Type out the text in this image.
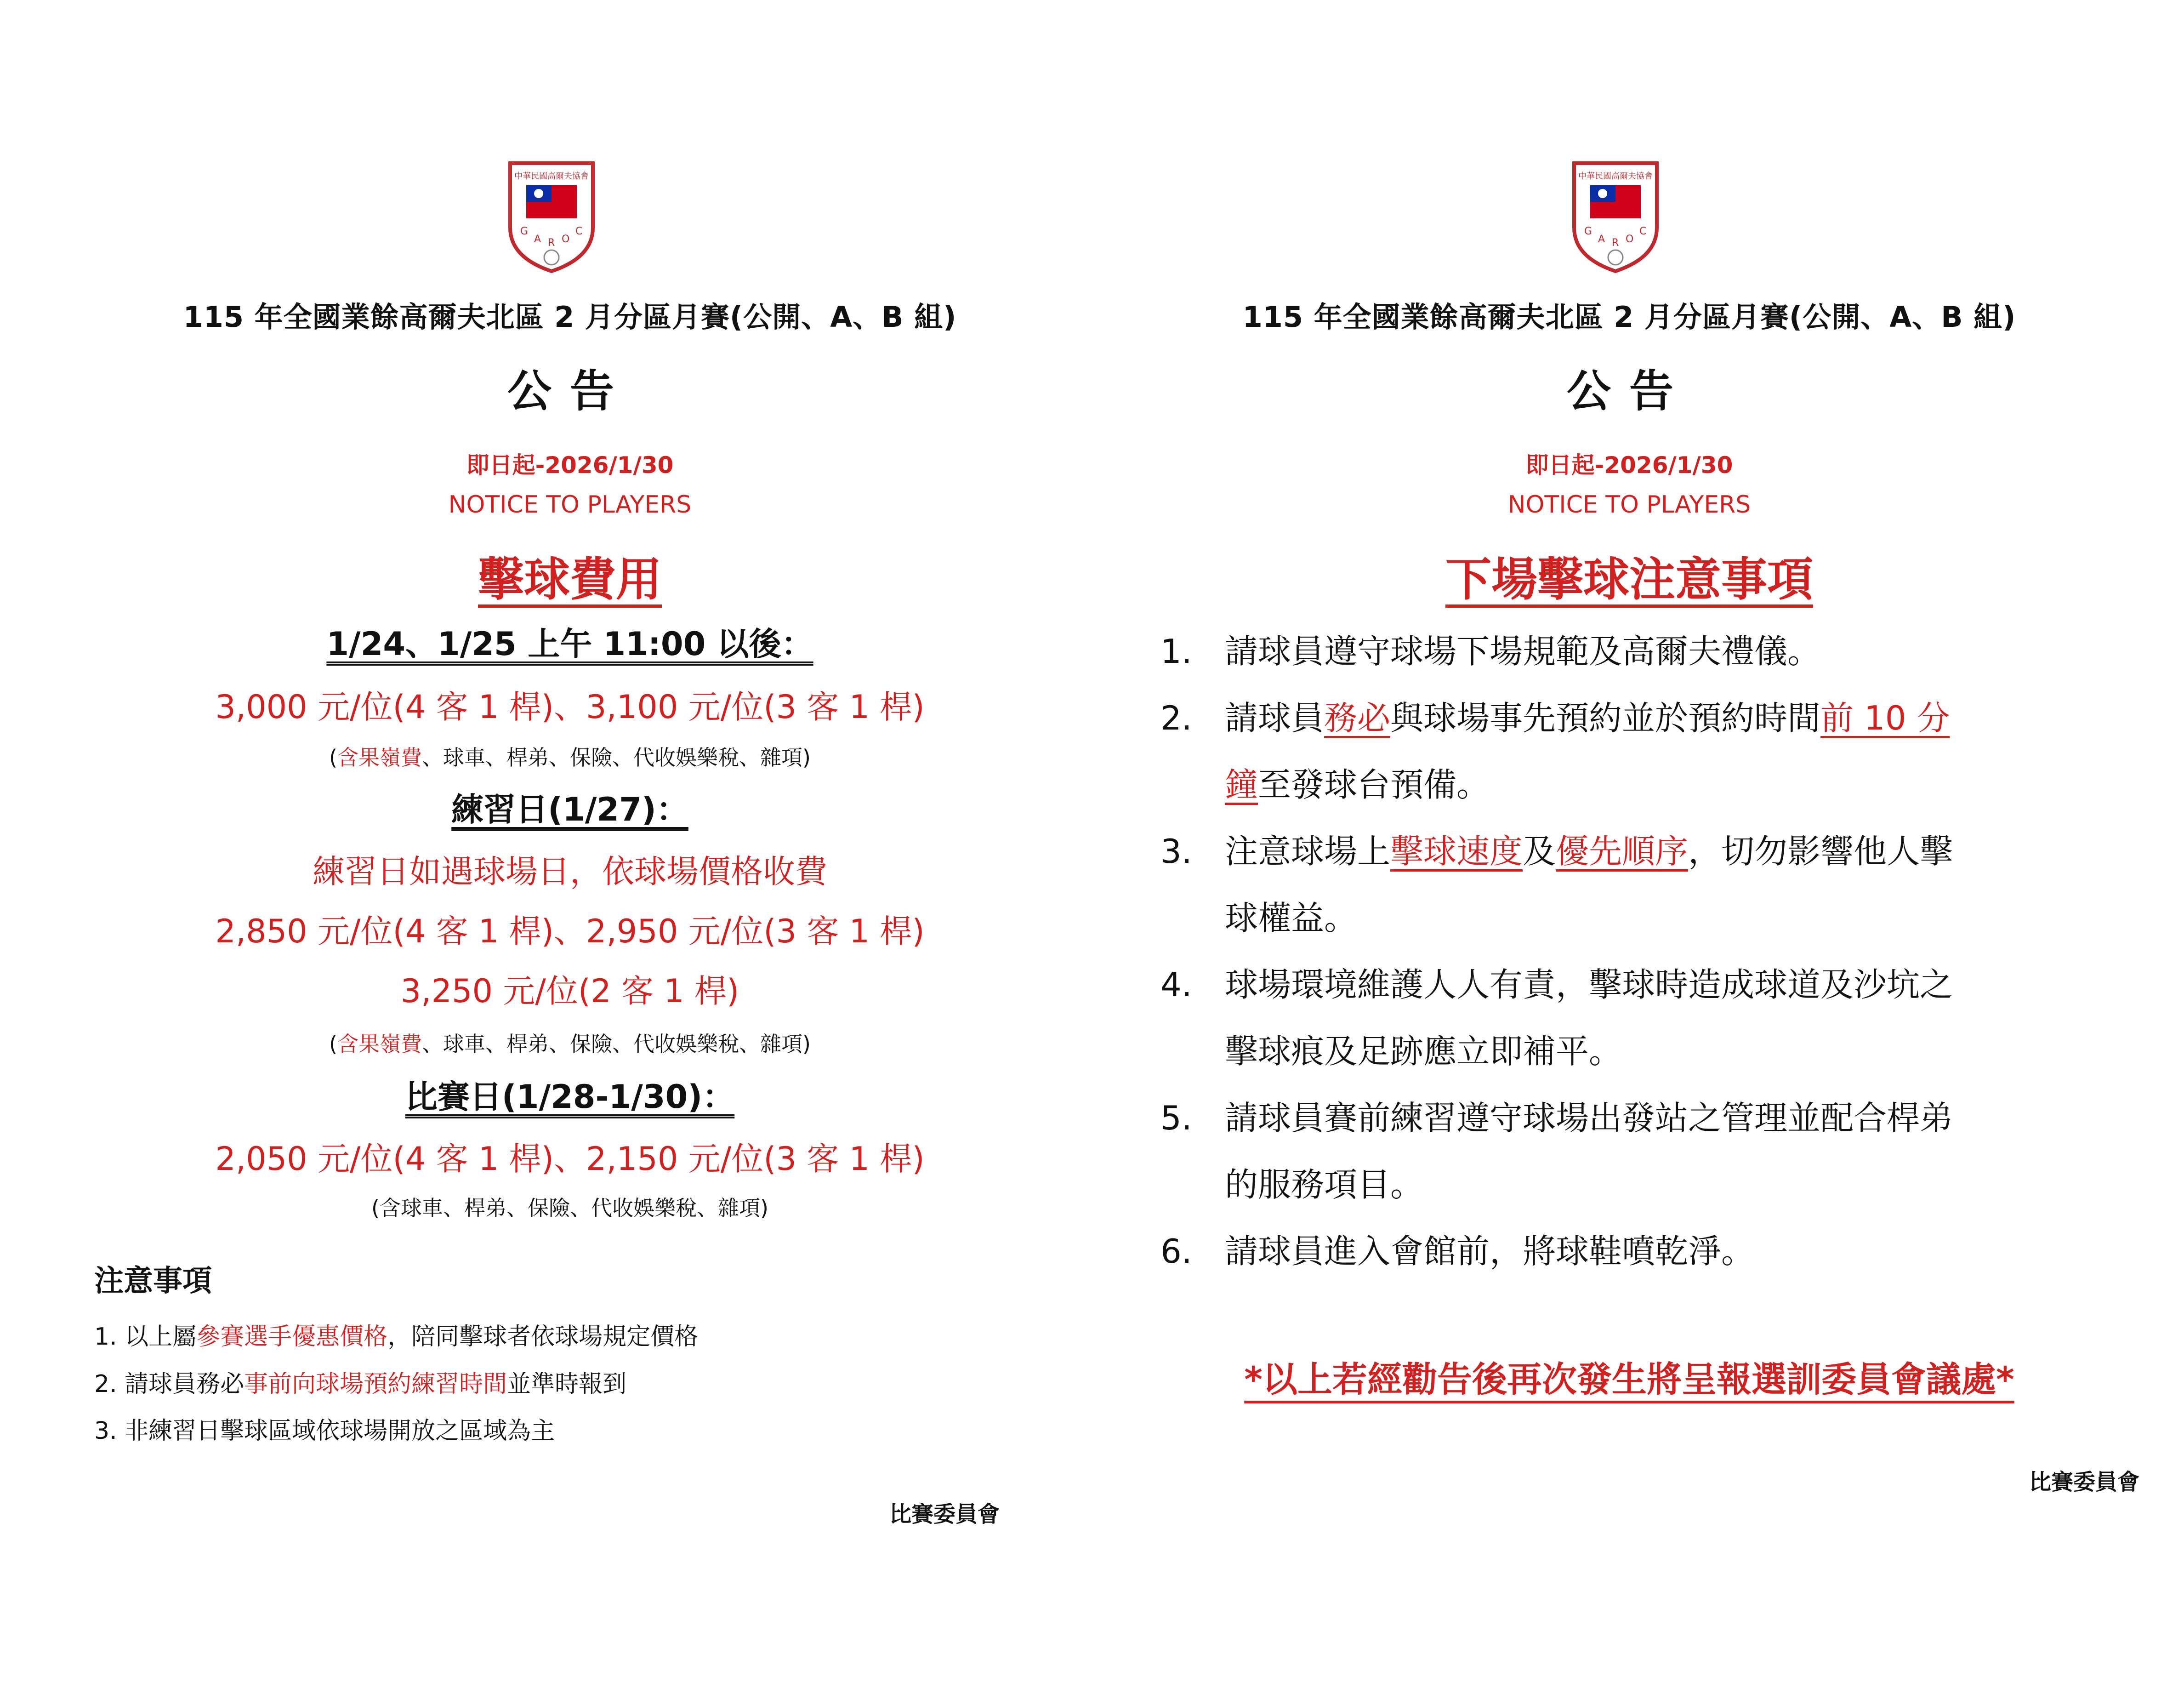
中華民國高爾夫協會
G
A R O
C
115 年全國業餘高爾夫北區 2 月分區月賽(公開、A、B 組)
公告
即日起-2026/1/30
NOTICE TO PLAYERS
擊球費用
1/24、1/25 上午 11:00 以後：
3,000 元/位(4 客 1 桿)、3,100 元/位(3 客 1 桿)
(含果嶺費、球車、桿弟、保險、代收娛樂稅、雜項)
練習日(1/27)：
練習日如遇球場日，依球場價格收費
2,850 元/位(4 客 1 桿)、2,950 元/位(3 客 1 桿)
3,250 元/位(2 客 1 桿)
(含果嶺費、球車、桿弟、保險、代收娛樂稅、雜項)
比賽日(1/28-1/30)：
2,050 元/位(4 客 1 桿)、2,150 元/位(3 客 1 桿)
(含球車、桿弟、保險、代收娛樂稅、雜項)
注意事項
1. 以上屬參賽選手優惠價格，陪同擊球者依球場規定價格
2. 請球員務必事前向球場預約練習時間並準時報到
3. 非練習日擊球區域依球場開放之區域為主
比賽委員會
中華民國高爾夫協會
G
A R O
C
115 年全國業餘高爾夫北區 2 月分區月賽(公開、A、B 組)
公告
即日起-2026/1/30
NOTICE TO PLAYERS
下場擊球注意事項
1. 請球員遵守球場下場規範及高爾夫禮儀。
2. 請球員務必與球場事先預約並於預約時間前 10 分
鐘至發球台預備。
3. 注意球場上擊球速度及優先順序，切勿影響他人擊
球權益。
4. 球場環境維護人人有責，擊球時造成球道及沙坑之
擊球痕及足跡應立即補平。
5. 請球員賽前練習遵守球場出發站之管理並配合桿弟
的服務項目。
6. 請球員進入會館前，將球鞋噴乾淨。
*以上若經勸告後再次發生將呈報選訓委員會議處*
比賽委員會
